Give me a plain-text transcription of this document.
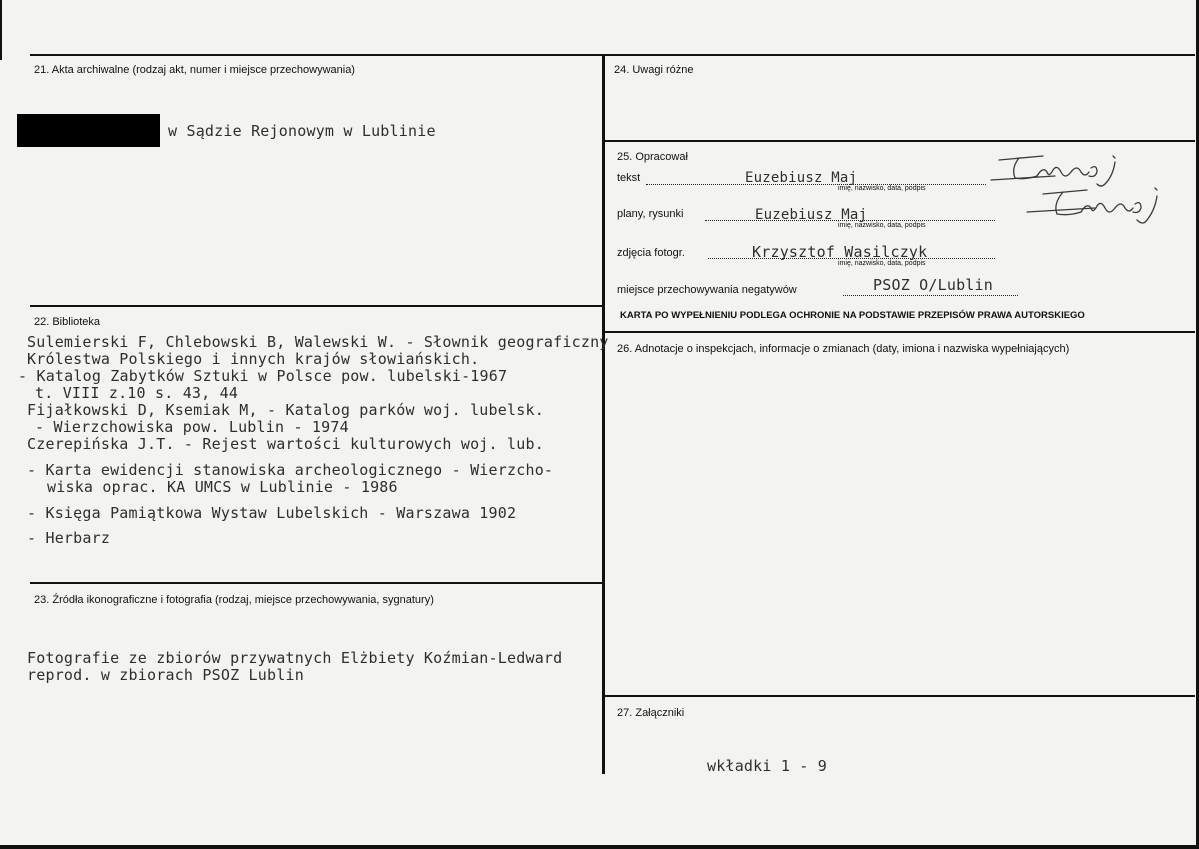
21. Akta archiwalne (rodzaj akt, numer i miejsce przechowywania)
w Sądzie Rejonowym w Lublinie
22. Biblioteka
Sulemierski F, Chlebowski B, Walewski W. - Słownik geograficzny
Królestwa Polskiego i innych krajów słowiańskich.
- Katalog Zabytków Sztuki w Polsce pow. lubelski-1967
t. VIII z.10 s. 43, 44
Fijałkowski D, Ksemiak M, - Katalog parków woj. lubelsk.
- Wierzchowiska pow. Lublin - 1974
Czerepińska J.T. - Rejest wartości kulturowych woj. lub.
- Karta ewidencji stanowiska archeologicznego - Wierzcho-
wiska oprac. KA UMCS w Lublinie - 1986
- Księga Pamiątkowa Wystaw Lubelskich - Warszawa 1902
- Herbarz
23. Źródła ikonograficzne i fotografia (rodzaj, miejsce przechowywania, sygnatury)
Fotografie ze zbiorów przywatnych Elżbiety Koźmian-Ledward
reprod. w zbiorach PSOZ Lublin
24. Uwagi różne
25. Opracował
tekst	Euzebiusz Maj
imię, nazwisko, data, podpis
plany, rysunki	Euzebiusz Maj
imię, nazwisko, data, podpis
zdjęcia fotogr.	Krzysztof Wasilczyk
imię, nazwisko, data, podpis
miejsce przechowywania negatywów	PSOZ O/Lublin
KARTA PO WYPEŁNIENIU PODLEGA OCHRONIE NA PODSTAWIE PRZEPISÓW PRAWA AUTORSKIEGO
26. Adnotacje o inspekcjach, informacje o zmianach (daty, imiona i nazwiska wypełniających)
27. Załączniki
wkładki 1 - 9
